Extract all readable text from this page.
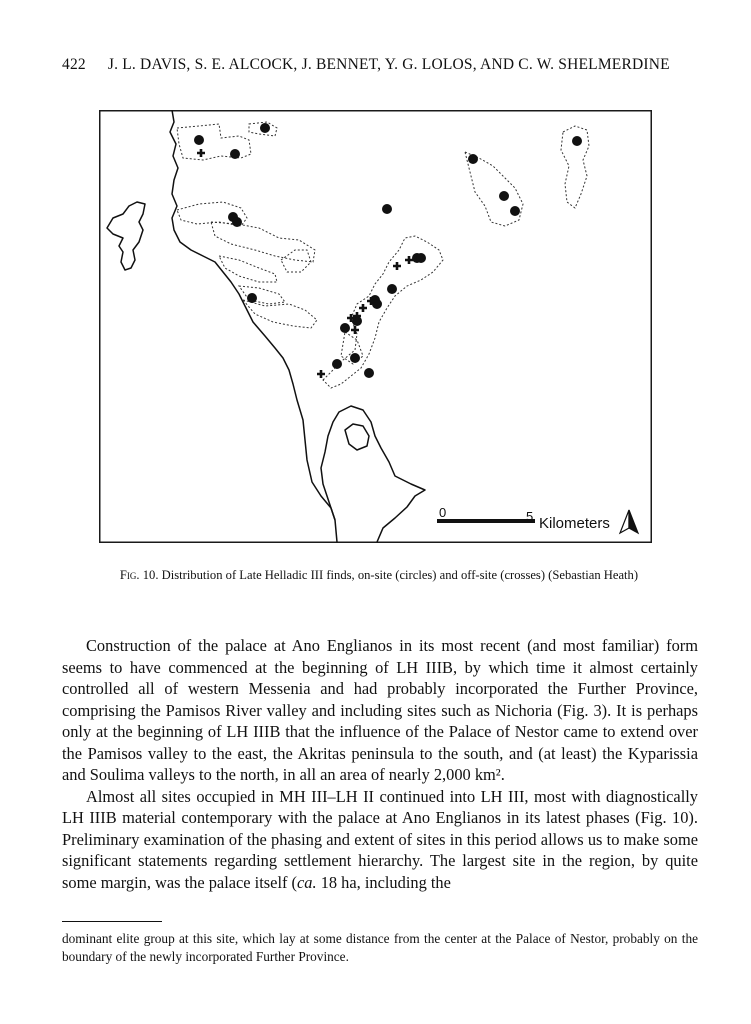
422 J. L. DAVIS, S. E. ALCOCK, J. BENNET, Y. G. LOLOS, AND C. W. SHELMERDINE
0	5 Kilometers
Fig. 10. Distribution of Late Helladic III finds, on-site (circles) and off-site (crosses) (Sebastian Heath)

Construction of the palace at Ano Englianos in its most recent (and most familiar) form seems to have commenced at the beginning of LH IIIB, by which time it almost certainly controlled all of western Messenia and had probably incorporated the Further Province, comprising the Pamisos River valley and including sites such as Nichoria (Fig. 3). It is perhaps only at the beginning of LH IIIB that the influence of the Palace of Nestor came to extend over the Pamisos valley to the east, the Akritas peninsula to the south, and (at least) the Kyparissia and Soulima valleys to the north, in all an area of nearly 2,000 km².

Almost all sites occupied in MH III–LH II continued into LH III, most with diagnostically LH IIIB material contemporary with the palace at Ano Englianos in its latest phases (Fig. 10). Preliminary examination of the phasing and extent of sites in this period allows us to make some significant statements regarding settlement hierarchy. The largest site in the region, by quite some margin, was the palace itself (ca. 18 ha, including the

dominant elite group at this site, which lay at some distance from the center at the Palace of Nestor, probably on the boundary of the newly incorporated Further Province.
